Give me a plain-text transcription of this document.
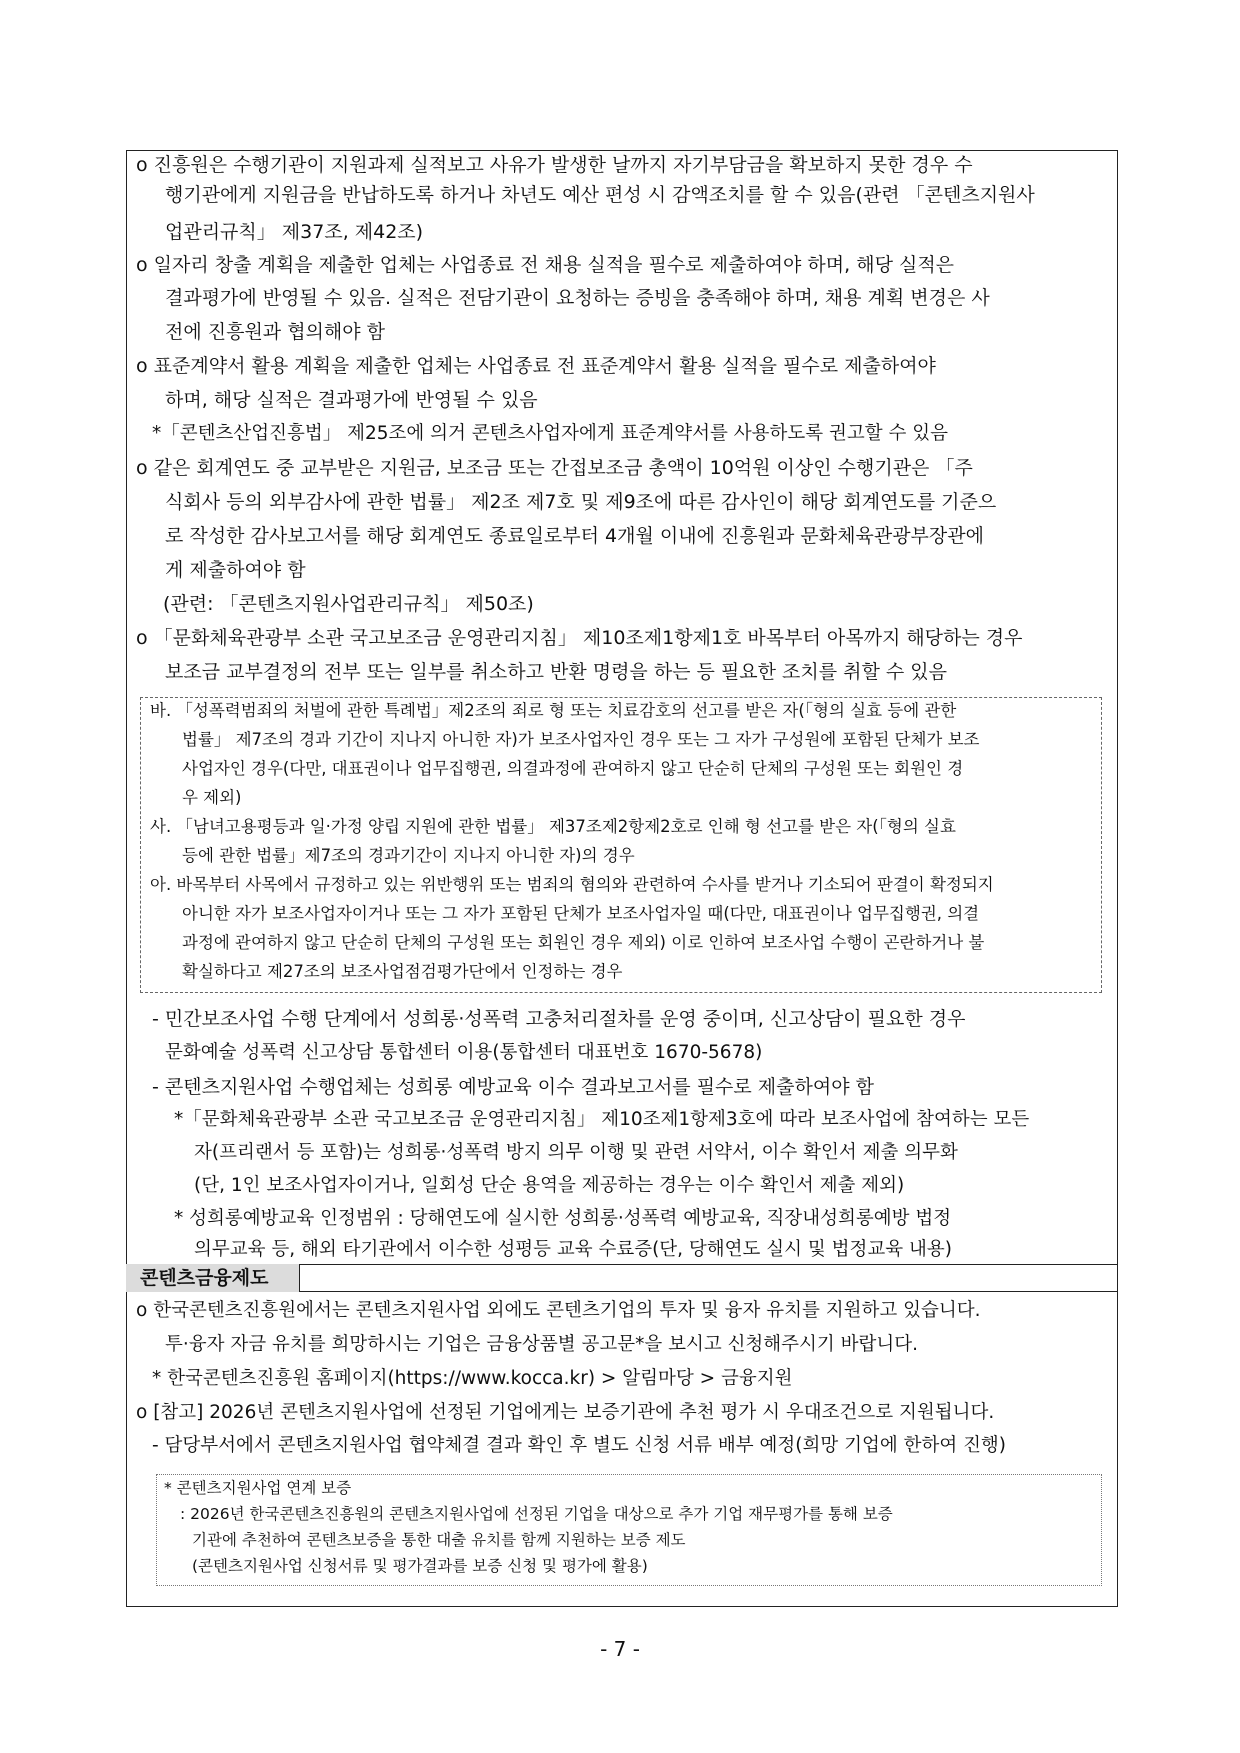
o 진흥원은 수행기관이 지원과제 실적보고 사유가 발생한 날까지 자기부담금을 확보하지 못한 경우 수
행기관에게 지원금을 반납하도록 하거나 차년도 예산 편성 시 감액조치를 할 수 있음(관련 「콘텐츠지원사
업관리규칙」 제37조, 제42조)
o 일자리 창출 계획을 제출한 업체는 사업종료 전 채용 실적을 필수로 제출하여야 하며, 해당 실적은
결과평가에 반영될 수 있음. 실적은 전담기관이 요청하는 증빙을 충족해야 하며, 채용 계획 변경은 사
전에 진흥원과 협의해야 함
o 표준계약서 활용 계획을 제출한 업체는 사업종료 전 표준계약서 활용 실적을 필수로 제출하여야
하며, 해당 실적은 결과평가에 반영될 수 있음
*「콘텐츠산업진흥법」 제25조에 의거 콘텐츠사업자에게 표준계약서를 사용하도록 권고할 수 있음
o 같은 회계연도 중 교부받은 지원금, 보조금 또는 간접보조금 총액이 10억원 이상인 수행기관은 「주
식회사 등의 외부감사에 관한 법률」 제2조 제7호 및 제9조에 따른 감사인이 해당 회계연도를 기준으
로 작성한 감사보고서를 해당 회계연도 종료일로부터 4개월 이내에 진흥원과 문화체육관광부장관에
게 제출하여야 함
(관련: 「콘텐츠지원사업관리규칙」 제50조)
o 「문화체육관광부 소관 국고보조금 운영관리지침」 제10조제1항제1호 바목부터 아목까지 해당하는 경우
보조금 교부결정의 전부 또는 일부를 취소하고 반환 명령을 하는 등 필요한 조치를 취할 수 있음
바. 「성폭력범죄의 처벌에 관한 특례법」제2조의 죄로 형 또는 치료감호의 선고를 받은 자(「형의 실효 등에 관한
법률」 제7조의 경과 기간이 지나지 아니한 자)가 보조사업자인 경우 또는 그 자가 구성원에 포함된 단체가 보조
사업자인 경우(다만, 대표권이나 업무집행권, 의결과정에 관여하지 않고 단순히 단체의 구성원 또는 회원인 경
우 제외)
사. 「남녀고용평등과 일·가정 양립 지원에 관한 법률」 제37조제2항제2호로 인해 형 선고를 받은 자(「형의 실효
등에 관한 법률」제7조의 경과기간이 지나지 아니한 자)의 경우
아. 바목부터 사목에서 규정하고 있는 위반행위 또는 범죄의 혐의와 관련하여 수사를 받거나 기소되어 판결이 확정되지
아니한 자가 보조사업자이거나 또는 그 자가 포함된 단체가 보조사업자일 때(다만, 대표권이나 업무집행권, 의결
과정에 관여하지 않고 단순히 단체의 구성원 또는 회원인 경우 제외) 이로 인하여 보조사업 수행이 곤란하거나 불
확실하다고 제27조의 보조사업점검평가단에서 인정하는 경우
- 민간보조사업 수행 단계에서 성희롱·성폭력 고충처리절차를 운영 중이며, 신고상담이 필요한 경우
문화예술 성폭력 신고상담 통합센터 이용(통합센터 대표번호 1670-5678)
- 콘텐츠지원사업 수행업체는 성희롱 예방교육 이수 결과보고서를 필수로 제출하여야 함
*「문화체육관광부 소관 국고보조금 운영관리지침」 제10조제1항제3호에 따라 보조사업에 참여하는 모든
자(프리랜서 등 포함)는 성희롱·성폭력 방지 의무 이행 및 관련 서약서, 이수 확인서 제출 의무화
(단, 1인 보조사업자이거나, 일회성 단순 용역을 제공하는 경우는 이수 확인서 제출 제외)
* 성희롱예방교육 인정범위 : 당해연도에 실시한 성희롱·성폭력 예방교육, 직장내성희롱예방 법정
의무교육 등, 해외 타기관에서 이수한 성평등 교육 수료증(단, 당해연도 실시 및 법정교육 내용)
콘텐츠금융제도
o 한국콘텐츠진흥원에서는 콘텐츠지원사업 외에도 콘텐츠기업의 투자 및 융자 유치를 지원하고 있습니다.
투·융자 자금 유치를 희망하시는 기업은 금융상품별 공고문*을 보시고 신청해주시기 바랍니다.
* 한국콘텐츠진흥원 홈페이지(https://www.kocca.kr) > 알림마당 > 금융지원
o [참고] 2026년 콘텐츠지원사업에 선정된 기업에게는 보증기관에 추천 평가 시 우대조건으로 지원됩니다.
- 담당부서에서 콘텐츠지원사업 협약체결 결과 확인 후 별도 신청 서류 배부 예정(희망 기업에 한하여 진행)
* 콘텐츠지원사업 연계 보증
: 2026년 한국콘텐츠진흥원의 콘텐츠지원사업에 선정된 기업을 대상으로 추가 기업 재무평가를 통해 보증
기관에 추천하여 콘텐츠보증을 통한 대출 유치를 함께 지원하는 보증 제도
(콘텐츠지원사업 신청서류 및 평가결과를 보증 신청 및 평가에 활용)
- 7 -
